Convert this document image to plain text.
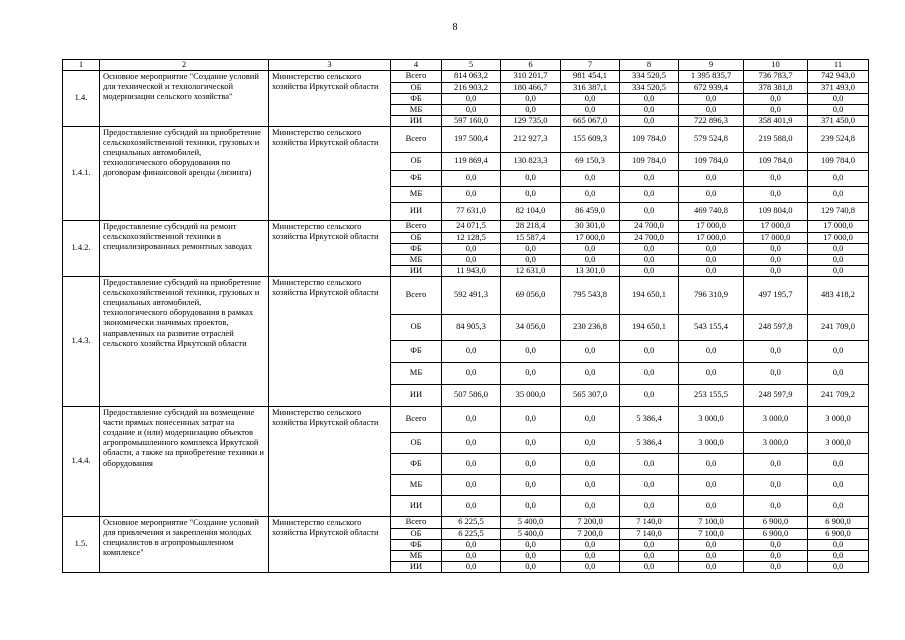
8
1	2	3	4	5	6	7	8	9	10	11
1.4.	Основное мероприятие "Создание условий для технической и технологической модернизации сельского хозяйства"	Министерство сельского хозяйства Иркутской области	Всего	814 063,2	310 201,7	981 454,1	334 520,5	1 395 835,7	736 783,7	742 943,0
			ОБ	216 903,2	180 466,7	316 387,1	334 520,5	672 939,4	378 381,8	371 493,0
			ФБ	0,0	0,0	0,0	0,0	0,0	0,0	0,0
			МБ	0,0	0,0	0,0	0,0	0,0	0,0	0,0
			ИИ	597 160,0	129 735,0	665 067,0	0,0	722 896,3	358 401,9	371 450,0
1.4.1.	Предоставление субсидий на приобретение сельскохозяйственной техники, грузовых и специальных автомобилей, технологического оборудования по договорам финансовой аренды (лизинга)	Министерство сельского хозяйства Иркутской области	Всего	197 500,4	212 927,3	155 609,3	109 784,0	579 524,8	219 588,0	239 524,8
			ОБ	119 869,4	130 823,3	69 150,3	109 784,0	109 784,0	109 784,0	109 784,0
			ФБ	0,0	0,0	0,0	0,0	0,0	0,0	0,0
			МБ	0,0	0,0	0,0	0,0	0,0	0,0	0,0
			ИИ	77 631,0	82 104,0	86 459,0	0,0	469 740,8	109 804,0	129 740,8
1.4.2.	Предоставление субсидий на ремонт сельскохозяйственной техники в специализированных ремонтных заводах	Министерство сельского хозяйства Иркутской области	Всего	24 071,5	28 218,4	30 301,0	24 700,0	17 000,0	17 000,0	17 000,0
			ОБ	12 128,5	15 587,4	17 000,0	24 700,0	17 000,0	17 000,0	17 000,0
			ФБ	0,0	0,0	0,0	0,0	0,0	0,0	0,0
			МБ	0,0	0,0	0,0	0,0	0,0	0,0	0,0
			ИИ	11 943,0	12 631,0	13 301,0	0,0	0,0	0,0	0,0
1.4.3.	Предоставление субсидий на приобретение сельскохозяйственной техники, грузовых и специальных автомобилей, технологического оборудования в рамках экономически значимых проектов, направленных на развитие отраслей сельского хозяйства Иркутской области	Министерство сельского хозяйства Иркутской области	Всего	592 491,3	69 056,0	795 543,8	194 650,1	796 310,9	497 195,7	483 418,2
			ОБ	84 905,3	34 056,0	230 236,8	194 650,1	543 155,4	248 597,8	241 709,0
			ФБ	0,0	0,0	0,0	0,0	0,0	0,0	0,0
			МБ	0,0	0,0	0,0	0,0	0,0	0,0	0,0
			ИИ	507 586,0	35 000,0	565 307,0	0,0	253 155,5	248 597,9	241 709,2
1.4.4.	Предоставление субсидий на возмещение части прямых понесенных затрат на создание и (или) модернизацию объектов агропромышленного комплекса Иркутской области, а также на приобретение техники и оборудования	Министерство сельского хозяйства Иркутской области	Всего	0,0	0,0	0,0	5 386,4	3 000,0	3 000,0	3 000,0
			ОБ	0,0	0,0	0,0	5 386,4	3 000,0	3 000,0	3 000,0
			ФБ	0,0	0,0	0,0	0,0	0,0	0,0	0,0
			МБ	0,0	0,0	0,0	0,0	0,0	0,0	0,0
			ИИ	0,0	0,0	0,0	0,0	0,0	0,0	0,0
1.5.	Основное мероприятие "Создание условий для привлечения и закрепления молодых специалистов в агропромышленном комплексе"	Министерство сельского хозяйства Иркутской области	Всего	6 225,5	5 400,0	7 200,0	7 140,0	7 100,0	6 900,0	6 900,0
			ОБ	6 225,5	5 400,0	7 200,0	7 140,0	7 100,0	6 900,0	6 900,0
			ФБ	0,0	0,0	0,0	0,0	0,0	0,0	0,0
			МБ	0,0	0,0	0,0	0,0	0,0	0,0	0,0
			ИИ	0,0	0,0	0,0	0,0	0,0	0,0	0,0
